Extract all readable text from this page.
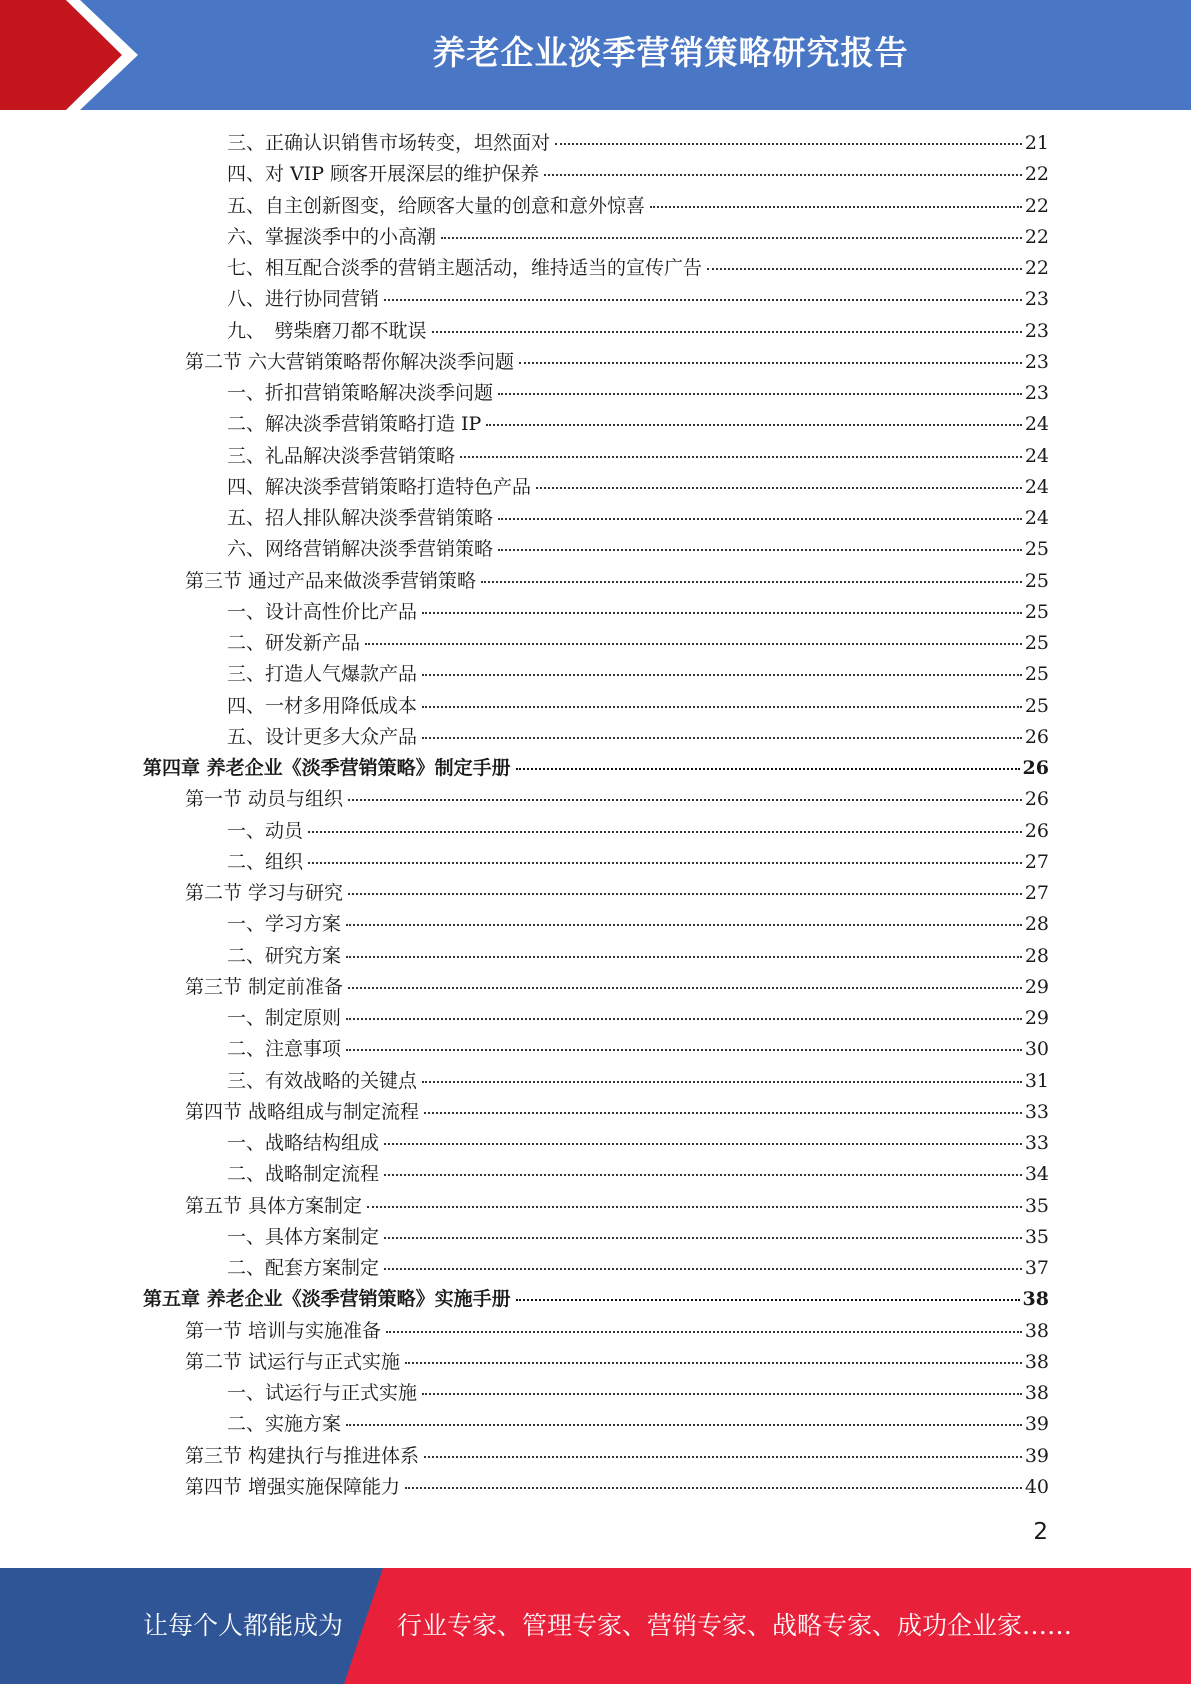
养老企业淡季营销策略研究报告
三、正确认识销售市场转变，坦然面对	21
四、对 VIP 顾客开展深层的维护保养	22
五、自主创新图变，给顾客大量的创意和意外惊喜	22
六、掌握淡季中的小高潮	22
七、相互配合淡季的营销主题活动，维持适当的宣传广告	22
八、进行协同营销	23
九、　劈柴磨刀都不耽误	23
第二节 六大营销策略帮你解决淡季问题	23
一、折扣营销策略解决淡季问题	23
二、解决淡季营销策略打造 IP	24
三、礼品解决淡季营销策略	24
四、解决淡季营销策略打造特色产品	24
五、招人排队解决淡季营销策略	24
六、网络营销解决淡季营销策略	25
第三节 通过产品来做淡季营销策略	25
一、设计高性价比产品	25
二、研发新产品	25
三、打造人气爆款产品	25
四、一材多用降低成本	25
五、设计更多大众产品	26
第四章 养老企业《淡季营销策略》制定手册	26
第一节 动员与组织	26
一、动员	26
二、组织	27
第二节 学习与研究	27
一、学习方案	28
二、研究方案	28
第三节 制定前准备	29
一、制定原则	29
二、注意事项	30
三、有效战略的关键点	31
第四节 战略组成与制定流程	33
一、战略结构组成	33
二、战略制定流程	34
第五节 具体方案制定	35
一、具体方案制定	35
二、配套方案制定	37
第五章 养老企业《淡季营销策略》实施手册	38
第一节 培训与实施准备	38
第二节 试运行与正式实施	38
一、试运行与正式实施	38
二、实施方案	39
第三节 构建执行与推进体系	39
第四节 增强实施保障能力	40
2
让每个人都能成为 行业专家、管理专家、营销专家、战略专家、成功企业家……
